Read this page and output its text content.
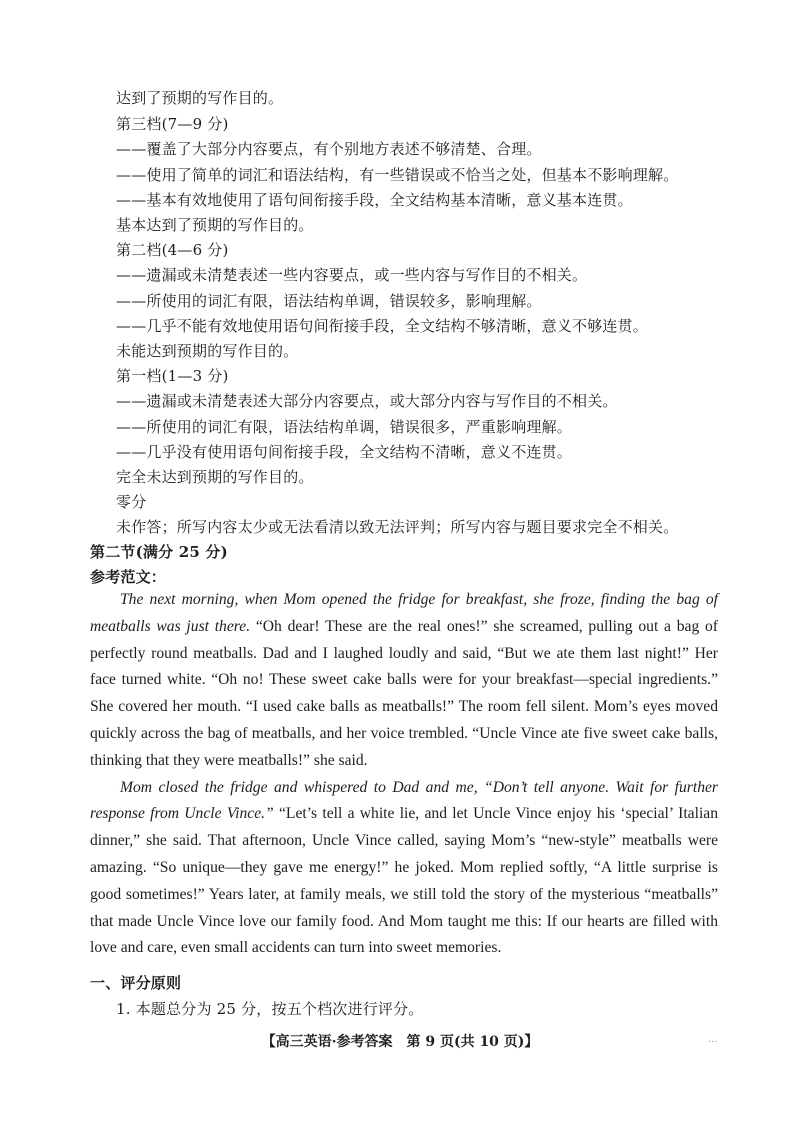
达到了预期的写作目的。
第三档(7—9 分)
——覆盖了大部分内容要点，有个别地方表述不够清楚、合理。
——使用了简单的词汇和语法结构，有一些错误或不恰当之处，但基本不影响理解。
——基本有效地使用了语句间衔接手段，全文结构基本清晰，意义基本连贯。
基本达到了预期的写作目的。
第二档(4—6 分)
——遗漏或未清楚表述一些内容要点，或一些内容与写作目的不相关。
——所使用的词汇有限，语法结构单调，错误较多，影响理解。
——几乎不能有效地使用语句间衔接手段，全文结构不够清晰，意义不够连贯。
未能达到预期的写作目的。
第一档(1—3 分)
——遗漏或未清楚表述大部分内容要点，或大部分内容与写作目的不相关。
——所使用的词汇有限，语法结构单调，错误很多，严重影响理解。
——几乎没有使用语句间衔接手段，全文结构不清晰，意义不连贯。
完全未达到预期的写作目的。
零分
未作答；所写内容太少或无法看清以致无法评判；所写内容与题目要求完全不相关。
第二节(满分 25 分)
参考范文：

The next morning, when Mom opened the fridge for breakfast, she froze, finding the bag of meatballs was just there. “Oh dear! These are the real ones!” she screamed, pulling out a bag of perfectly round meatballs. Dad and I laughed loudly and said, “But we ate them last night!” Her face turned white. “Oh no! These sweet cake balls were for your breakfast—special ingredients.” She covered her mouth. “I used cake balls as meatballs!” The room fell silent. Mom’s eyes moved quickly across the bag of meatballs, and her voice trembled. “Uncle Vince ate five sweet cake balls, thinking that they were meatballs!” she said.

Mom closed the fridge and whispered to Dad and me, “Don’t tell anyone. Wait for further response from Uncle Vince.” “Let’s tell a white lie, and let Uncle Vince enjoy his ‘special’ Italian dinner,” she said. That afternoon, Uncle Vince called, saying Mom’s “new-style” meatballs were amazing. “So unique—they gave me energy!” he joked. Mom replied softly, “A little surprise is good sometimes!” Years later, at family meals, we still told the story of the mysterious “meatballs” that made Uncle Vince love our family food. And Mom taught me this: If our hearts are filled with love and care, even small accidents can turn into sweet memories.

一、评分原则
1. 本题总分为 25 分，按五个档次进行评分。
【高三英语·参考答案　第 9 页(共 10 页)】	...
